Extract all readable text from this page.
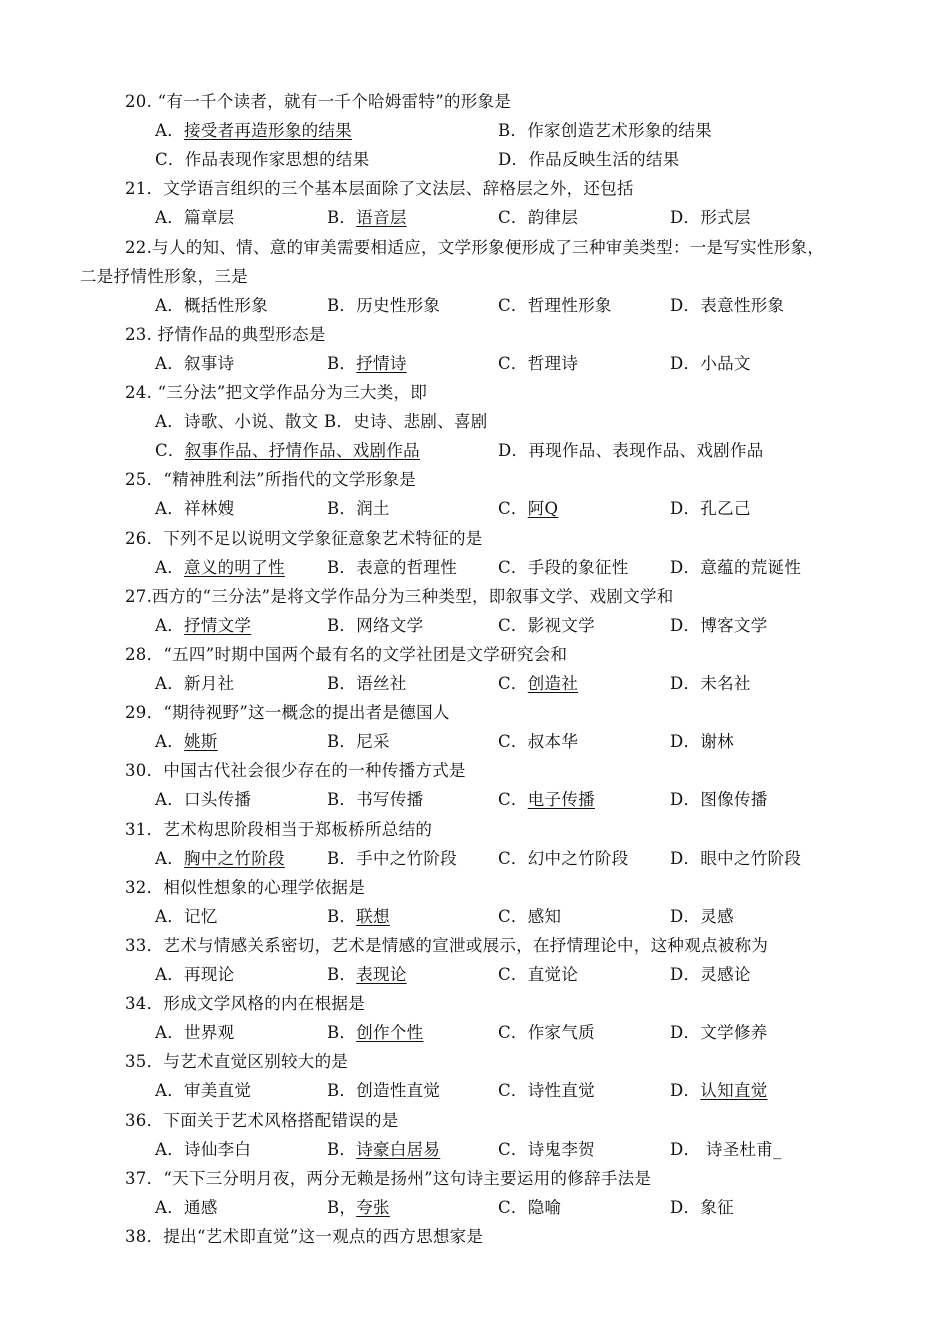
20. “有一千个读者，就有一千个哈姆雷特”的形象是
A．接受者再造形象的结果	B．作家创造艺术形象的结果
C．作品表现作家思想的结果	D．作品反映生活的结果
21．文学语言组织的三个基本层面除了文法层、辞格层之外，还包括
A．篇章层	B．语音层	C．韵律层	D．形式层
22.与人的知、情、意的审美需要相适应，文学形象便形成了三种审美类型：一是写实性形象，
二是抒情性形象，三是
A．概括性形象	B．历史性形象	C．哲理性形象	D．表意性形象
23. 抒情作品的典型形态是
A．叙事诗	B．抒情诗	C．哲理诗	D．小品文
24. “三分法”把文学作品分为三大类，即
A．诗歌、小说、散文 B．史诗、悲剧、喜剧
C．叙事作品、抒情作品、戏剧作品	D．再现作品、表现作品、戏剧作品
25．“精神胜利法”所指代的文学形象是
A．祥林嫂	B．润土	C．阿Q	D．孔乙己
26．下列不足以说明文学象征意象艺术特征的是
A．意义的明了性	B．表意的哲理性 C．手段的象征性	D．意蕴的荒诞性
27.西方的“三分法”是将文学作品分为三种类型，即叙事文学、戏剧文学和
A．抒情文学	B．网络文学	C．影视文学	D．博客文学
28．“五四”时期中国两个最有名的文学社团是文学研究会和
A．新月社	B．语丝社	C．创造社	D．未名社
29．“期待视野”这一概念的提出者是德国人
A．姚斯	B．尼采	C．叔本华	D．谢林
30．中国古代社会很少存在的一种传播方式是
A．口头传播	B．书写传播	C．电子传播	D．图像传播
31．艺术构思阶段相当于郑板桥所总结的
A．胸中之竹阶段	B．手中之竹阶段 C．幻中之竹阶段	D．眼中之竹阶段
32．相似性想象的心理学依据是
A．记忆	B．联想	C．感知	D．灵感
33．艺术与情感关系密切，艺术是情感的宣泄或展示，在抒情理论中，这种观点被称为
A．再现论	B．表现论	C．直觉论	D．灵感论
34．形成文学风格的内在根据是
A．世界观	B．创作个性	C．作家气质	D．文学修养
35．与艺术直觉区别较大的是
A．审美直觉	B．创造性直觉	C．诗性直觉	D．认知直觉
36．下面关于艺术风格搭配错误的是
A．诗仙李白	B．诗豪白居易	C．诗鬼李贺	D． 诗圣杜甫_
37．“天下三分明月夜，两分无赖是扬州”这句诗主要运用的修辞手法是
A．通感	B，夸张	C．隐喻	D．象征
38．提出“艺术即直觉”这一观点的西方思想家是
